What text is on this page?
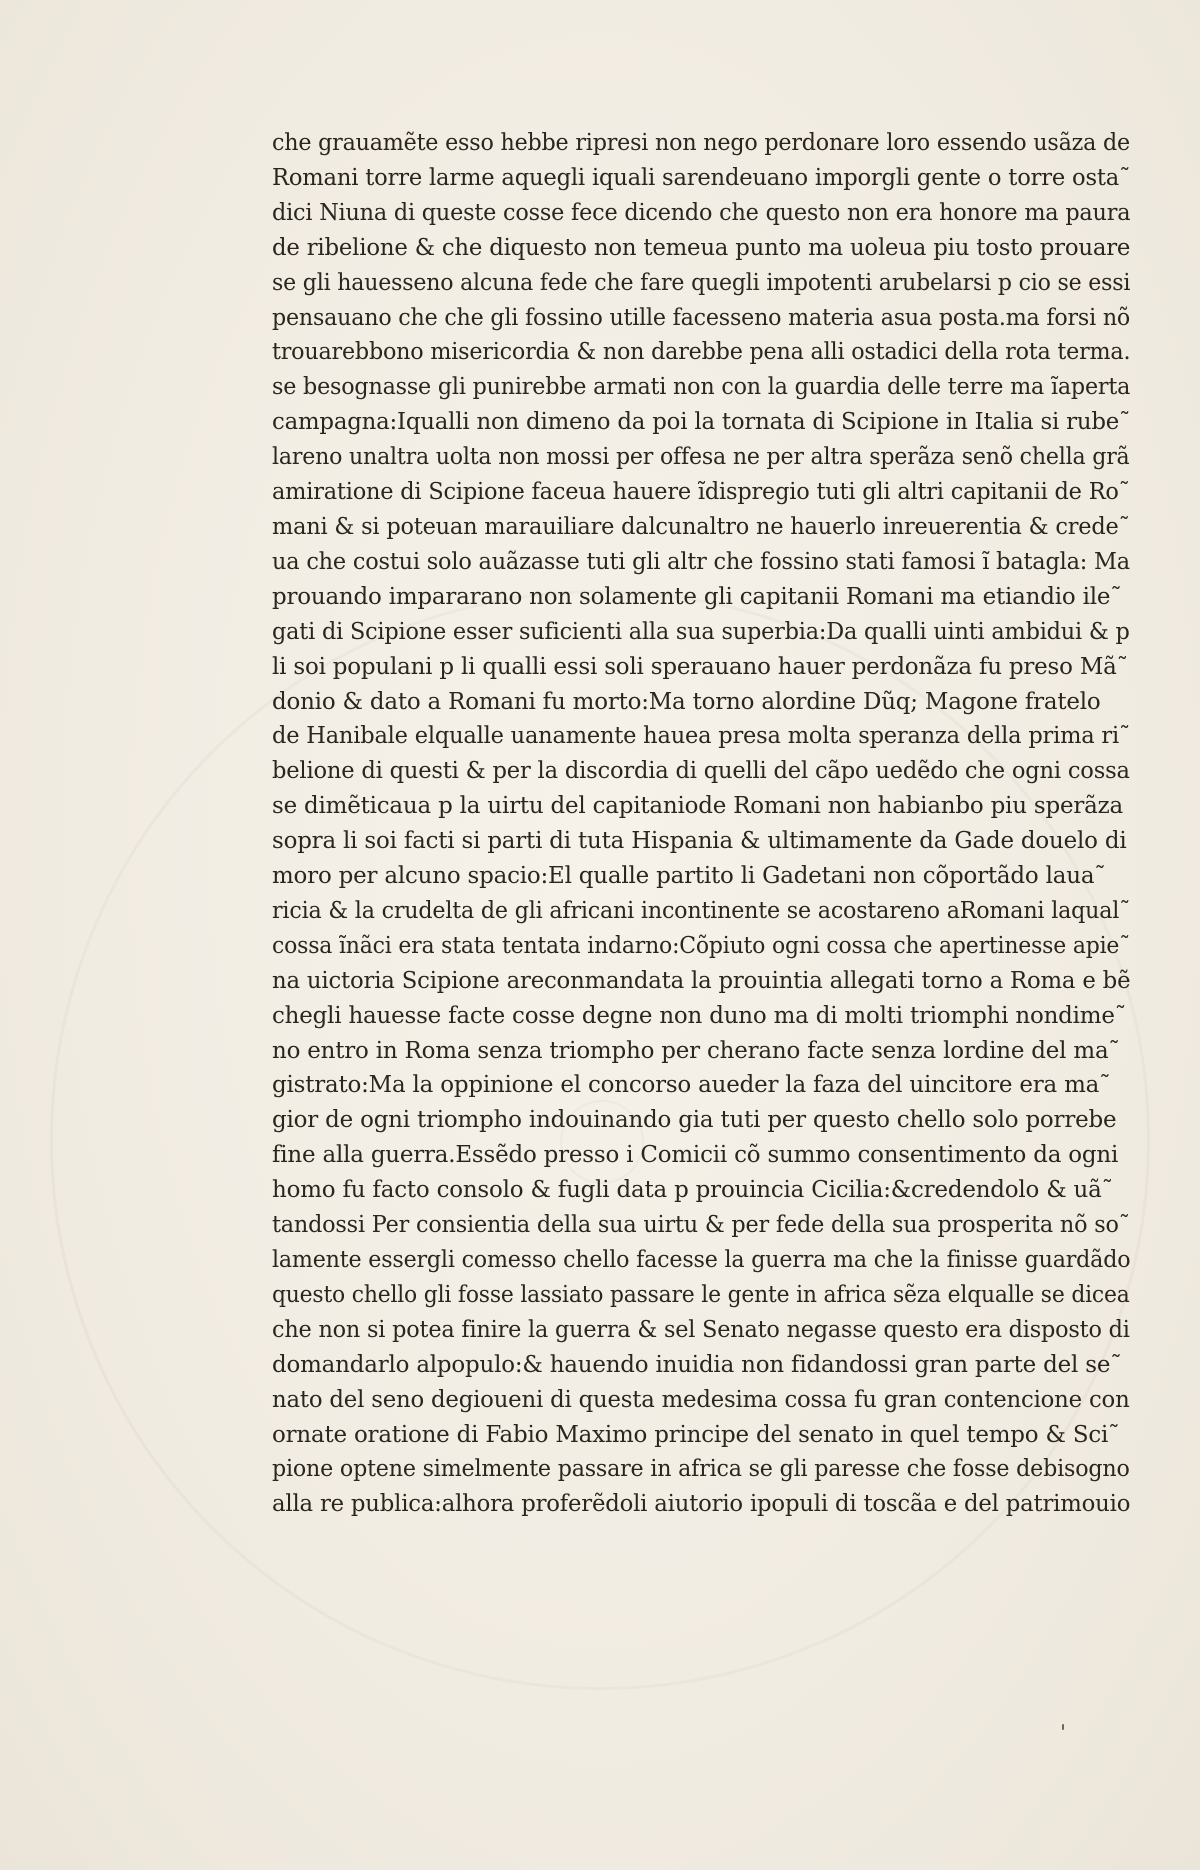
che grauamẽte esso hebbe ripresi non nego perdonare loro essendo usãza de
Romani torre larme aquegli iquali sarendeuano imporgli gente o torre osta˜
dici Niuna di queste cosse fece dicendo che questo non era honore ma paura
de ribelione & che diquesto non temeua punto ma uoleua piu tosto prouare
se gli hauesseno alcuna fede che fare quegli impotenti arubelarsi p cio se essi
pensauano che che gli fossino utille facesseno materia asua posta.ma forsi nõ
trouarebbono misericordia & non darebbe pena alli ostadici della rota terma.
se besognasse gli punirebbe armati non con la guardia delle terre ma ĩaperta
campagna:Iqualli non dimeno da poi la tornata di Scipione in Italia si rube˜
lareno unaltra uolta non mossi per offesa ne per altra sperãza senõ chella grã
amiratione di Scipione faceua hauere ĩdispregio tuti gli altri capitanii de Ro˜
mani & si poteuan marauiliare dalcunaltro ne hauerlo inreuerentia & crede˜
ua che costui solo auãzasse tuti gli altr che fossino stati famosi ĩ batagla: Ma
prouando impararano non solamente gli capitanii Romani ma etiandio ile˜
gati di Scipione esser suficienti alla sua superbia:Da qualli uinti ambidui & p
li soi populani p li qualli essi soli sperauano hauer perdonãza fu preso Mã˜
donio & dato a Romani fu morto:Ma torno alordine Dũq; Magone fratelo
de Hanibale elqualle uanamente hauea presa molta speranza della prima ri˜
belione di questi & per la discordia di quelli del cãpo uedẽdo che ogni cossa
se dimẽticaua p la uirtu del capitaniode Romani non habianbo piu sperãza
sopra li soi facti si parti di tuta Hispania & ultimamente da Gade douelo di
moro per alcuno spacio:El qualle partito li Gadetani non cõportãdo laua˜
ricia & la crudelta de gli africani incontinente se acostareno aRomani laqual˜
cossa ĩnãci era stata tentata indarno:Cõpiuto ogni cossa che apertinesse apie˜
na uictoria Scipione areconmandata la prouintia allegati torno a Roma e bẽ
chegli hauesse facte cosse degne non duno ma di molti triomphi nondime˜
no entro in Roma senza triompho per cherano facte senza lordine del ma˜
gistrato:Ma la oppinione el concorso aueder la faza del uincitore era ma˜
gior de ogni triompho indouinando gia tuti per questo chello solo porrebe
fine alla guerra.Essẽdo presso i Comicii cõ summo consentimento da ogni
homo fu facto consolo & fugli data p prouincia Cicilia:&credendolo & uã˜
tandossi Per consientia della sua uirtu & per fede della sua prosperita nõ so˜
lamente essergli comesso chello facesse la guerra ma che la finisse guardãdo
questo chello gli fosse lassiato passare le gente in africa sẽza elqualle se dicea
che non si potea finire la guerra & sel Senato negasse questo era disposto di
domandarlo alpopulo:& hauendo inuidia non fidandossi gran parte del se˜
nato del seno degioueni di questa medesima cossa fu gran contencione con
ornate oratione di Fabio Maximo principe del senato in quel tempo & Sci˜
pione optene simelmente passare in africa se gli paresse che fosse debisogno
alla re publica:alhora proferẽdoli aiutorio ipopuli di toscãa e del patrimouio
